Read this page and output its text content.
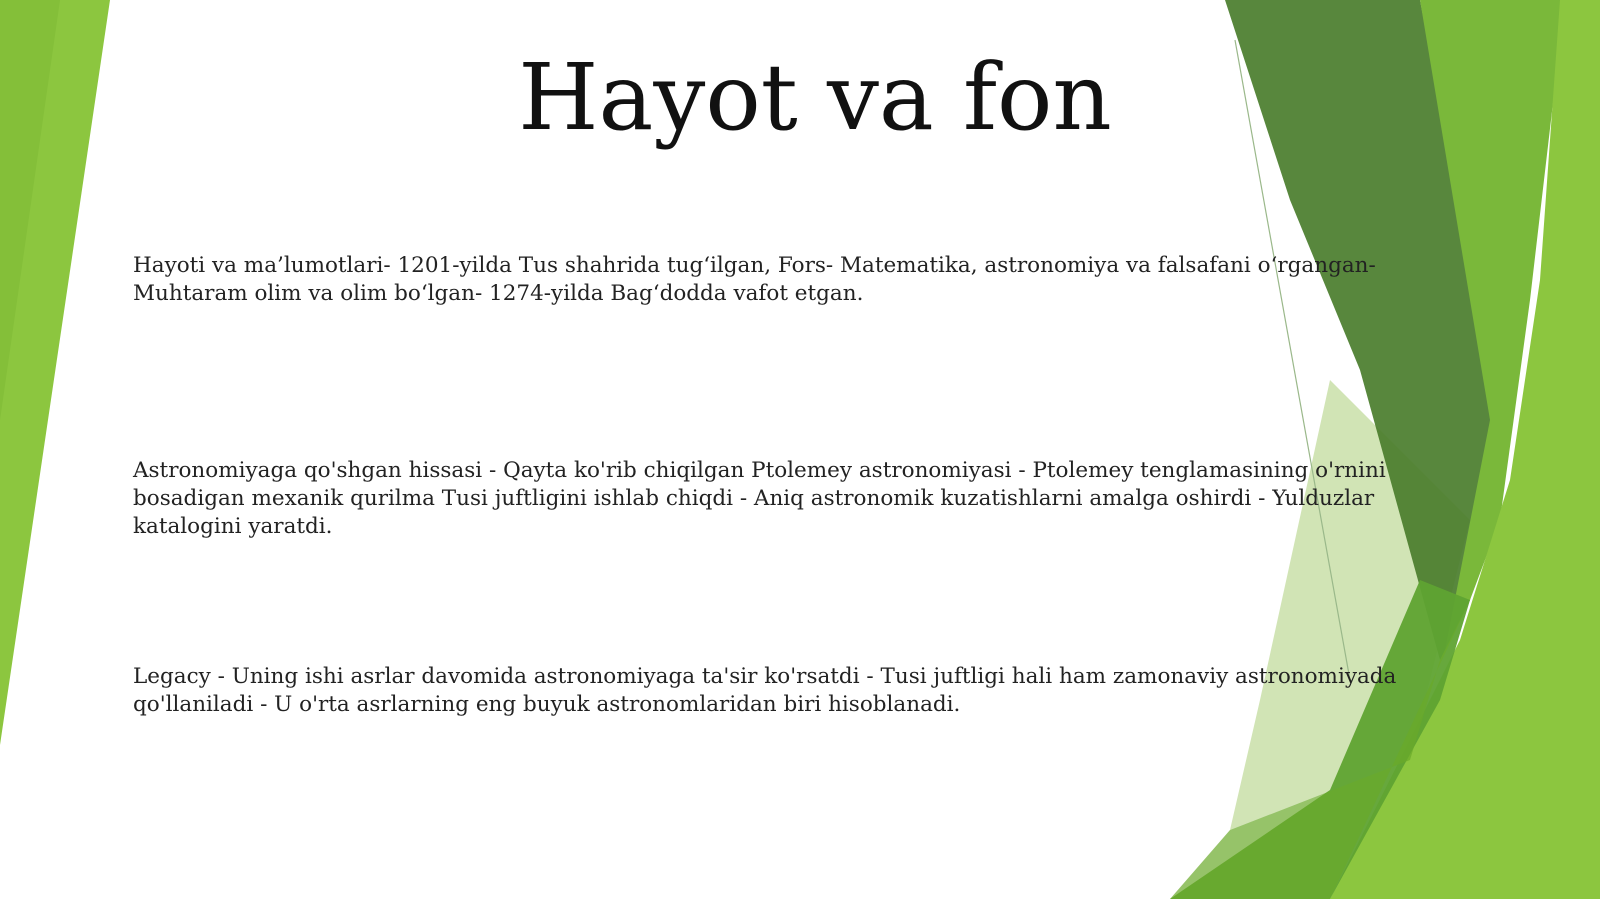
Hayot va fon

Hayoti va ma’lumotlari- 1201-yilda Tus shahrida tug‘ilgan, Fors- Matematika, astronomiya va falsafani o‘rgangan- Muhtaram olim va olim bo‘lgan- 1274-yilda Bag‘dodda vafot etgan.

Astronomiyaga qo'shgan hissasi - Qayta ko'rib chiqilgan Ptolemey astronomiyasi - Ptolemey tenglamasining o'rnini bosadigan mexanik qurilma Tusi juftligini ishlab chiqdi - Aniq astronomik kuzatishlarni amalga oshirdi - Yulduzlar katalogini yaratdi.

Legacy - Uning ishi asrlar davomida astronomiyaga ta'sir ko'rsatdi - Tusi juftligi hali ham zamonaviy astronomiyada qo'llaniladi - U o'rta asrlarning eng buyuk astronomlaridan biri hisoblanadi.
